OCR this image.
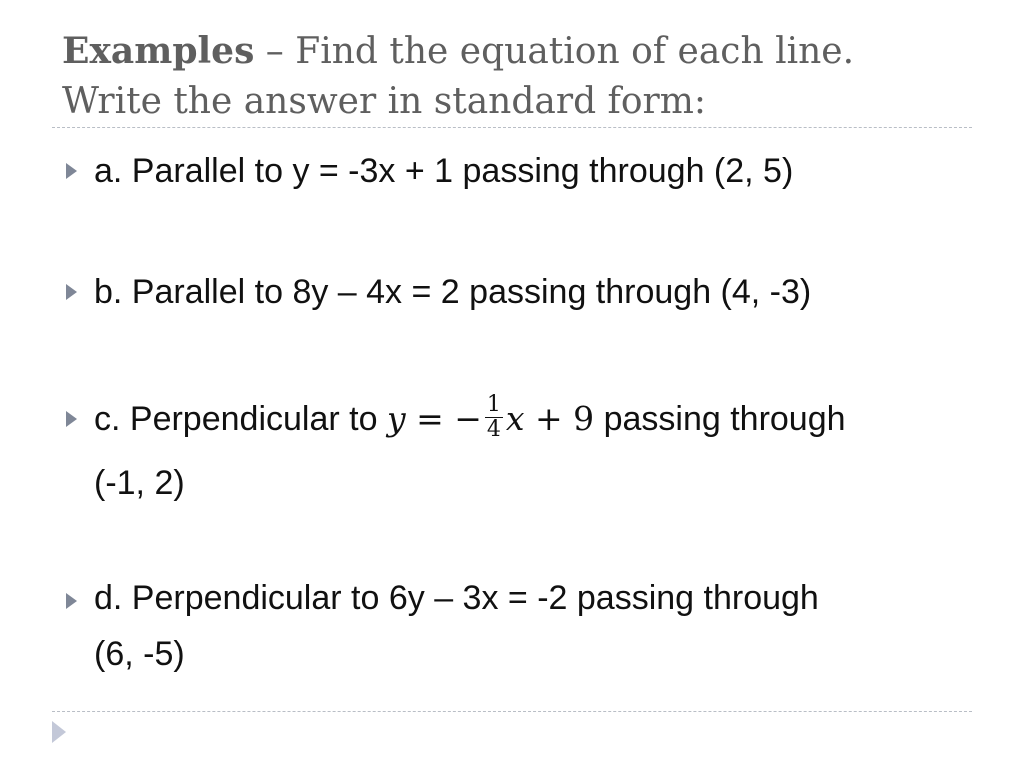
Examples – Find the equation of each line.
Write the answer in standard form:
a. Parallel to y = -3x + 1 passing through (2, 5)
b. Parallel to 8y – 4x = 2 passing through (4, -3)
c. Perpendicular to y = − $\frac{1}{4}$ x + 9 passing through
(-1, 2)
d. Perpendicular to 6y – 3x = -2 passing through
(6, -5)
